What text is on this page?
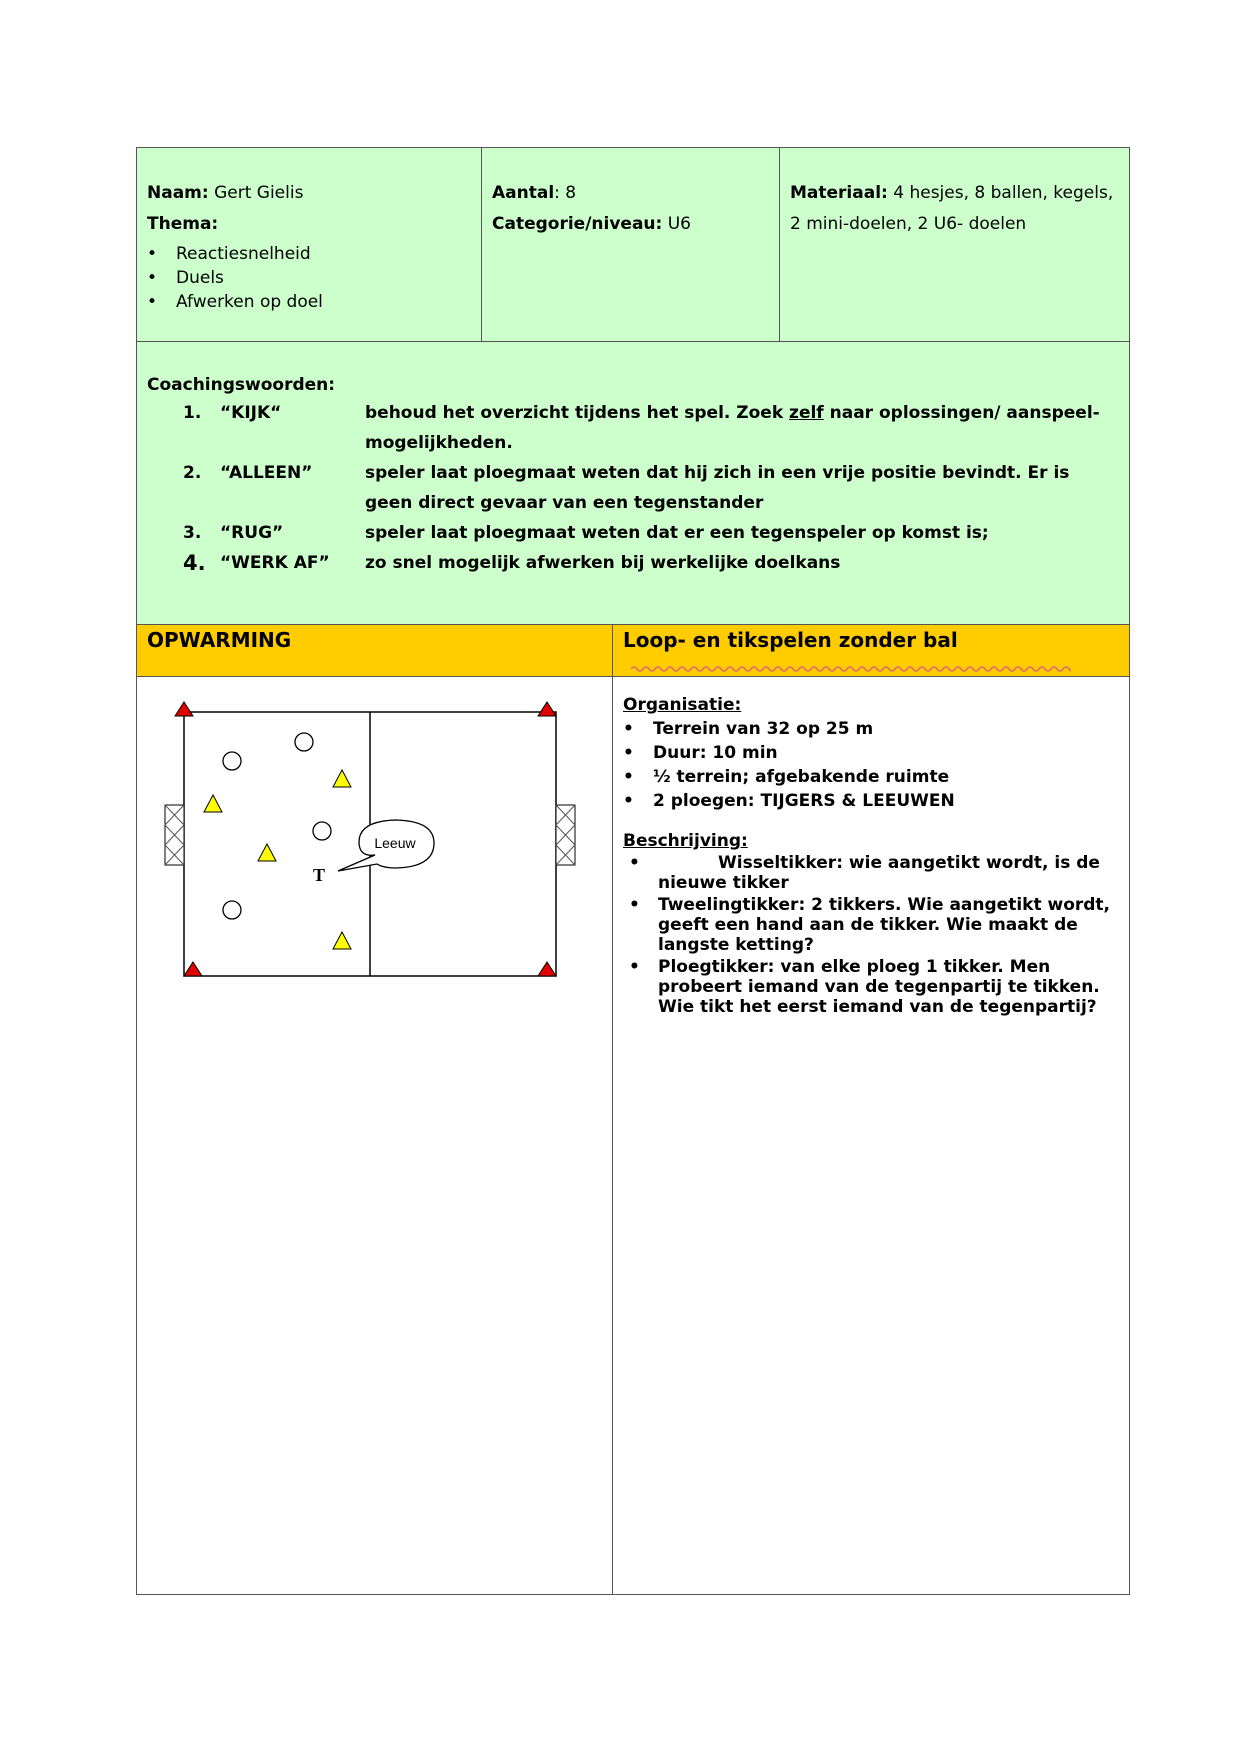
Naam: Gert Gielis
Thema:
• Reactiesnelheid
• Duels
• Afwerken op doel
Aantal: 8
Categorie/niveau: U6
Materiaal: 4 hesjes, 8 ballen, kegels,
2 mini-doelen, 2 U6- doelen
Coachingswoorden:
1. “KIJK“	behoud het overzicht tijdens het spel. Zoek zelf naar oplossingen/ aanspeel-mogelijkheden.
2. “ALLEEN”	speler laat ploegmaat weten dat hij zich in een vrije positie bevindt. Er is geen direct gevaar van een tegenstander
3. “RUG”	speler laat ploegmaat weten dat er een tegenspeler op komst is;
4. “WERK AF” zo snel mogelijk afwerken bij werkelijke doelkans
OPWARMING	Loop- en tikspelen zonder bal
Leeuw
T
Organisatie:
• Terrein van 32 op 25 m
• Duur: 10 min
• ½ terrein; afgebakende ruimte
• 2 ploegen: TIJGERS & LEEUWEN
Beschrijving:
• Wisseltikker: wie aangetikt wordt, is de nieuwe tikker
• Tweelingtikker: 2 tikkers. Wie aangetikt wordt, geeft een hand aan de tikker. Wie maakt de langste ketting?
• Ploegtikker: van elke ploeg 1 tikker. Men probeert iemand van de tegenpartij te tikken. Wie tikt het eerst iemand van de tegenpartij?
